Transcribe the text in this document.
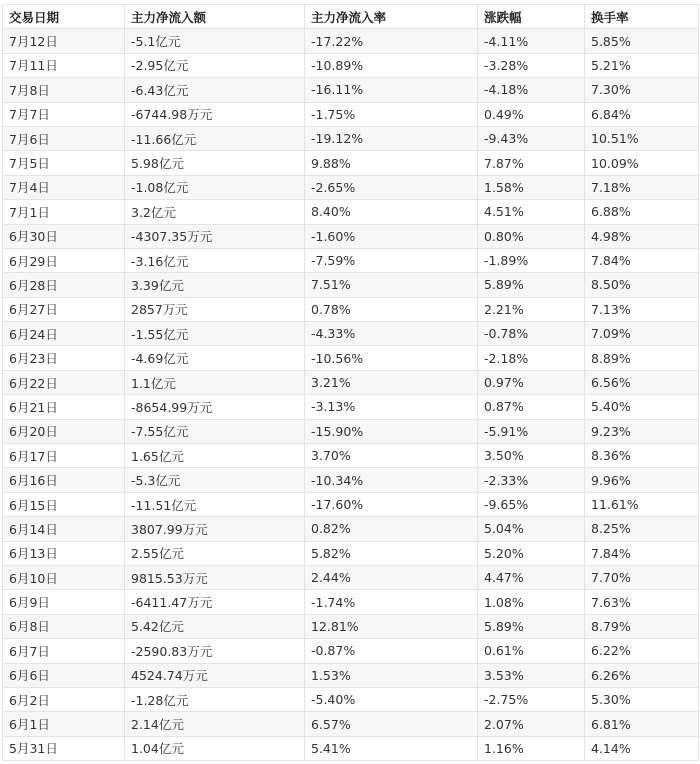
交易日期	主力净流入额	主力净流入率	涨跌幅	换手率
7月12日	-5.1亿元	-17.22%	-4.11%	5.85%
7月11日	-2.95亿元	-10.89%	-3.28%	5.21%
7月8日	-6.43亿元	-16.11%	-4.18%	7.30%
7月7日	-6744.98万元	-1.75%	0.49%	6.84%
7月6日	-11.66亿元	-19.12%	-9.43%	10.51%
7月5日	5.98亿元	9.88%	7.87%	10.09%
7月4日	-1.08亿元	-2.65%	1.58%	7.18%
7月1日	3.2亿元	8.40%	4.51%	6.88%
6月30日	-4307.35万元	-1.60%	0.80%	4.98%
6月29日	-3.16亿元	-7.59%	-1.89%	7.84%
6月28日	3.39亿元	7.51%	5.89%	8.50%
6月27日	2857万元	0.78%	2.21%	7.13%
6月24日	-1.55亿元	-4.33%	-0.78%	7.09%
6月23日	-4.69亿元	-10.56%	-2.18%	8.89%
6月22日	1.1亿元	3.21%	0.97%	6.56%
6月21日	-8654.99万元	-3.13%	0.87%	5.40%
6月20日	-7.55亿元	-15.90%	-5.91%	9.23%
6月17日	1.65亿元	3.70%	3.50%	8.36%
6月16日	-5.3亿元	-10.34%	-2.33%	9.96%
6月15日	-11.51亿元	-17.60%	-9.65%	11.61%
6月14日	3807.99万元	0.82%	5.04%	8.25%
6月13日	2.55亿元	5.82%	5.20%	7.84%
6月10日	9815.53万元	2.44%	4.47%	7.70%
6月9日	-6411.47万元	-1.74%	1.08%	7.63%
6月8日	5.42亿元	12.81%	5.89%	8.79%
6月7日	-2590.83万元	-0.87%	0.61%	6.22%
6月6日	4524.74万元	1.53%	3.53%	6.26%
6月2日	-1.28亿元	-5.40%	-2.75%	5.30%
6月1日	2.14亿元	6.57%	2.07%	6.81%
5月31日	1.04亿元	5.41%	1.16%	4.14%
